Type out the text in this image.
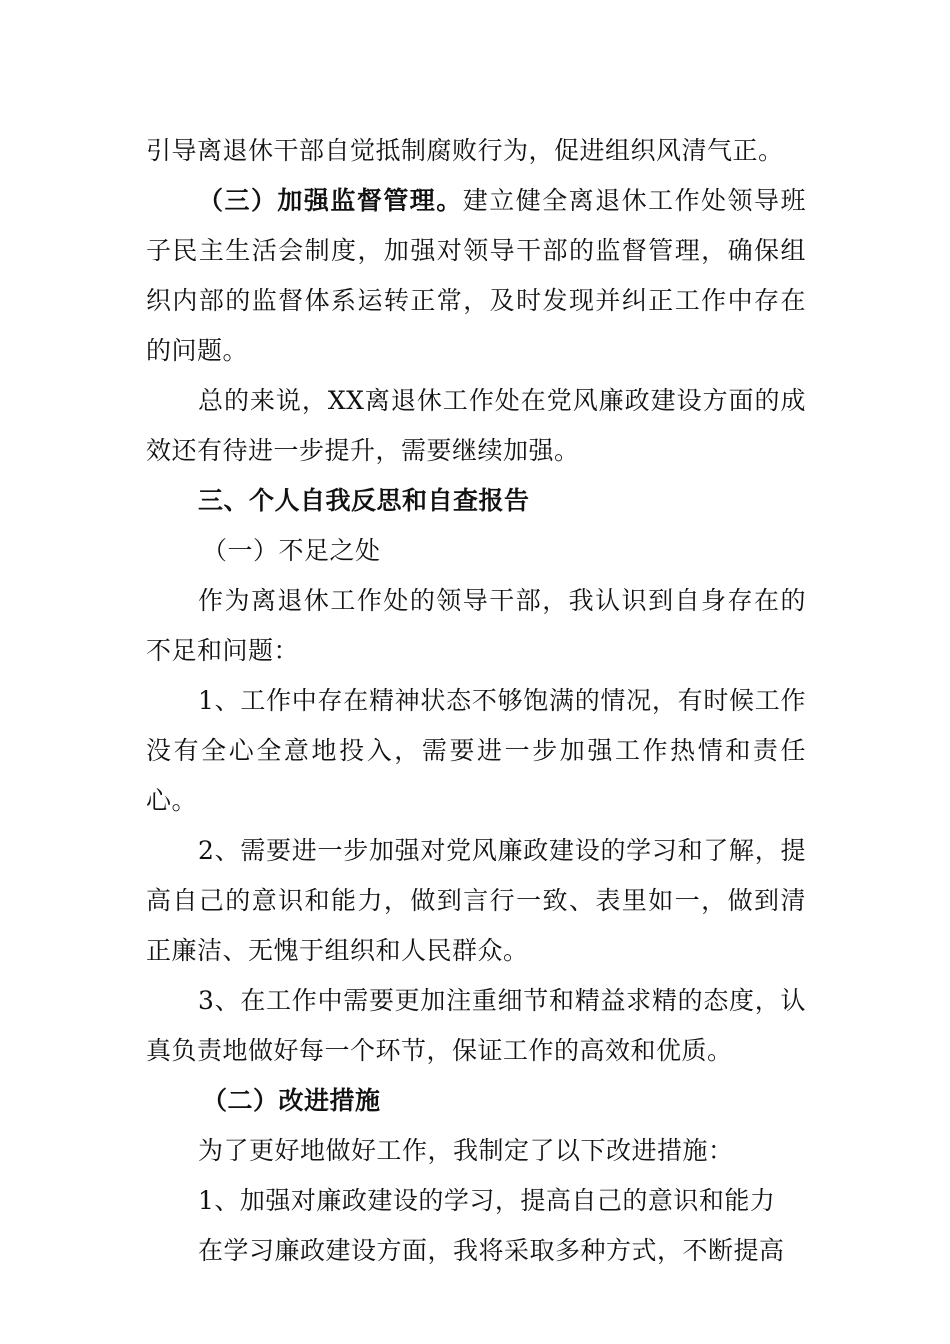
引导离退休干部自觉抵制腐败行为，促进组织风清气正。

（三）加强监督管理。建立健全离退休工作处领导班子民主生活会制度，加强对领导干部的监督管理，确保组织内部的监督体系运转正常，及时发现并纠正工作中存在的问题。

总的来说，XX离退休工作处在党风廉政建设方面的成效还有待进一步提升，需要继续加强。

三、个人自我反思和自查报告

（一）不足之处

作为离退休工作处的领导干部，我认识到自身存在的不足和问题：

1、工作中存在精神状态不够饱满的情况，有时候工作没有全心全意地投入，需要进一步加强工作热情和责任心。

2、需要进一步加强对党风廉政建设的学习和了解，提高自己的意识和能力，做到言行一致、表里如一，做到清正廉洁、无愧于组织和人民群众。

3、在工作中需要更加注重细节和精益求精的态度，认真负责地做好每一个环节，保证工作的高效和优质。

（二）改进措施

为了更好地做好工作，我制定了以下改进措施：

1、加强对廉政建设的学习，提高自己的意识和能力

在学习廉政建设方面，我将采取多种方式，不断提高
